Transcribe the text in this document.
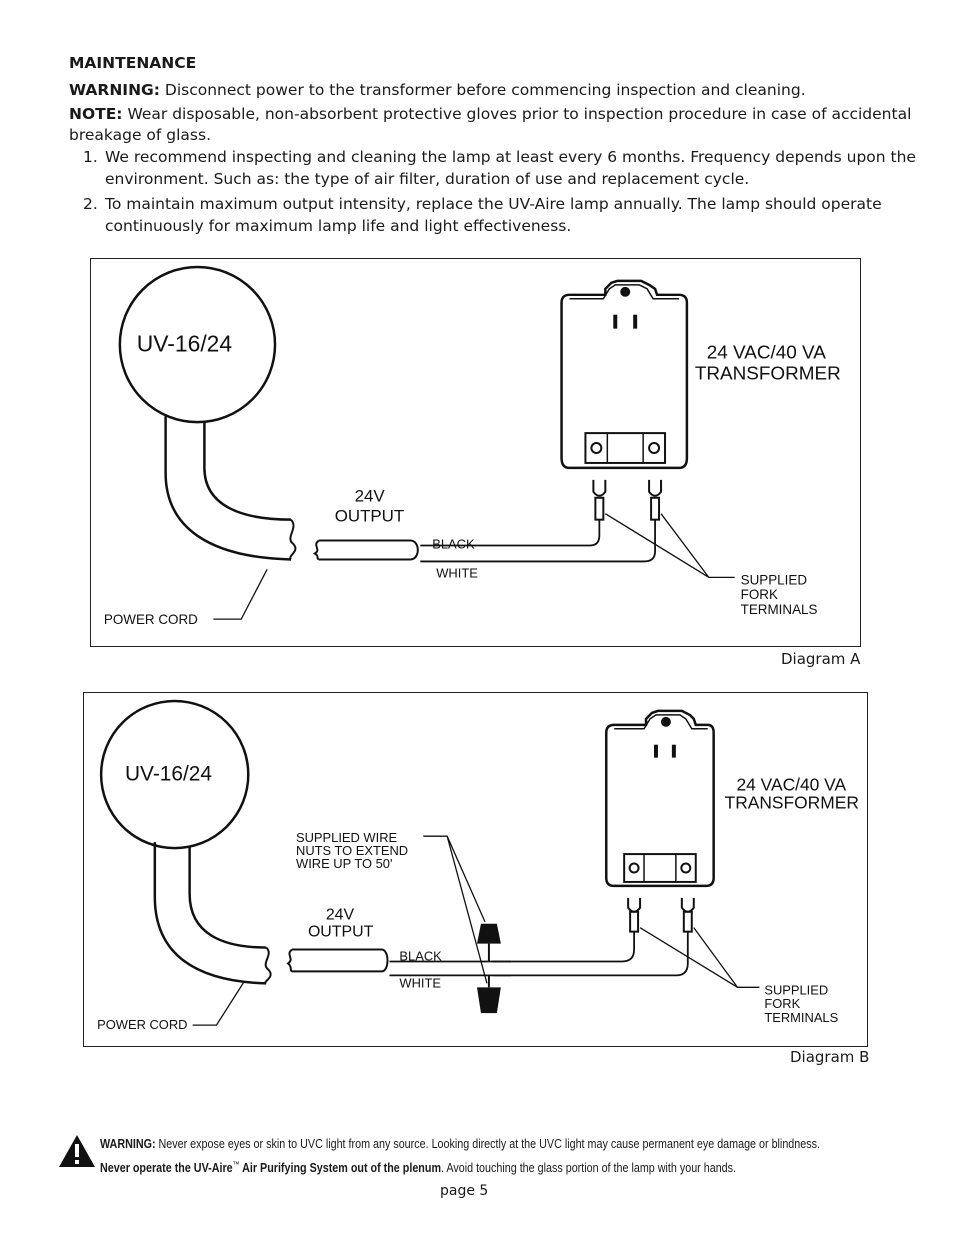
MAINTENANCE
WARNING: Disconnect power to the transformer before commencing inspection and cleaning.
NOTE: Wear disposable, non-absorbent protective gloves prior to inspection procedure in case of accidental
breakage of glass.
1. We recommend inspecting and cleaning the lamp at least every 6 months. Frequency depends upon the
environment. Such as: the type of air filter, duration of use and replacement cycle.
2. To maintain maximum output intensity, replace the UV-Aire lamp annually. The lamp should operate
continuously for maximum lamp life and light effectiveness.
UV-16/24
BLACK
WHITE
24V
OUTPUT
POWER CORD
24 VAC/40 VA
TRANSFORMER
SUPPLIED
FORK
TERMINALS
Diagram A
UV-16/24
BLACK
WHITE
SUPPLIED WIRE
NUTS TO EXTEND
WIRE UP TO 50'
24V
OUTPUT
POWER CORD
24 VAC/40 VA
TRANSFORMER
SUPPLIED
FORK
TERMINALS
Diagram B
WARNING: Never expose eyes or skin to UVC light from any source. Looking directly at the UVC light may cause permanent eye damage or blindness.
Never operate the UV-Aire™ Air Purifying System out of the plenum. Avoid touching the glass portion of the lamp with your hands.
page 5
